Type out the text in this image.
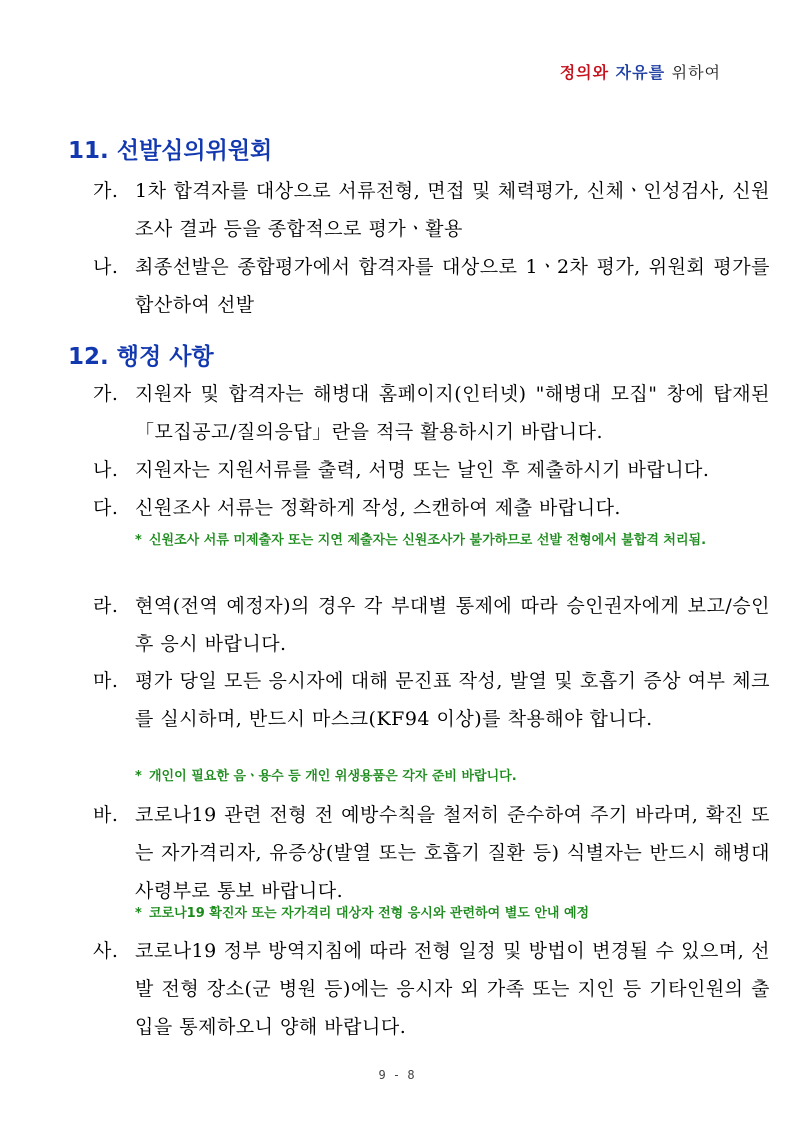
정의와 자유를 위하여
11. 선발심의위원회
가. 1차 합격자를 대상으로 서류전형, 면접 및 체력평가, 신체ㆍ인성검사, 신원조사 결과 등을 종합적으로 평가ㆍ활용
나. 최종선발은 종합평가에서 합격자를 대상으로 1ㆍ2차 평가, 위원회 평가를 합산하여 선발
12. 행정 사항
가. 지원자 및 합격자는 해병대 홈페이지(인터넷) "해병대 모집" 창에 탑재된 「모집공고/질의응답」란을 적극 활용하시기 바랍니다.
나. 지원자는 지원서류를 출력, 서명 또는 날인 후 제출하시기 바랍니다.
다. 신원조사 서류는 정확하게 작성, 스캔하여 제출 바랍니다.
* 신원조사 서류 미제출자 또는 지연 제출자는 신원조사가 불가하므로 선발 전형에서 불합격 처리됨.
라. 현역(전역 예정자)의 경우 각 부대별 통제에 따라 승인권자에게 보고/승인 후 응시 바랍니다.
마. 평가 당일 모든 응시자에 대해 문진표 작성, 발열 및 호흡기 증상 여부 체크를 실시하며, 반드시 마스크(KF94 이상)를 착용해야 합니다.
* 개인이 필요한 음ㆍ용수 등 개인 위생용품은 각자 준비 바랍니다.
바. 코로나19 관련 전형 전 예방수칙을 철저히 준수하여 주기 바라며, 확진 또는 자가격리자, 유증상(발열 또는 호흡기 질환 등) 식별자는 반드시 해병대사령부로 통보 바랍니다.
* 코로나19 확진자 또는 자가격리 대상자 전형 응시와 관련하여 별도 안내 예정
사. 코로나19 정부 방역지침에 따라 전형 일정 및 방법이 변경될 수 있으며, 선발 전형 장소(군 병원 등)에는 응시자 외 가족 또는 지인 등 기타인원의 출입을 통제하오니 양해 바랍니다.
9 - 8
